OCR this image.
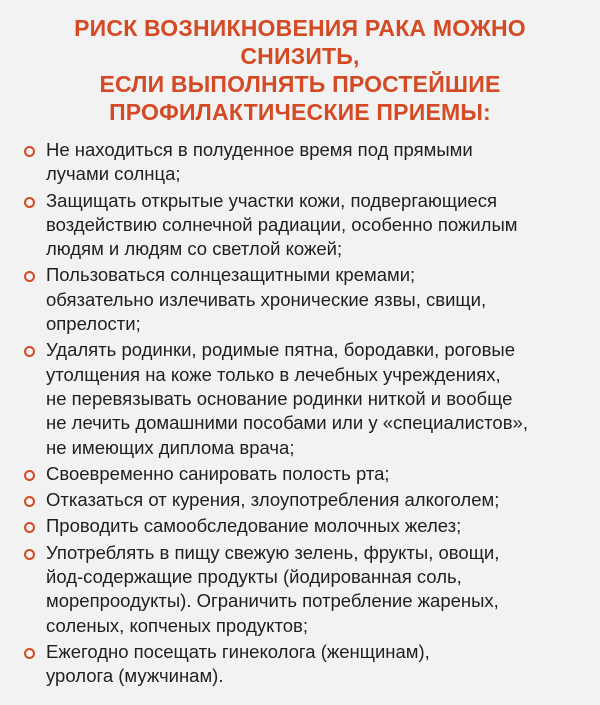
РИСК ВОЗНИКНОВЕНИЯ РАКА МОЖНО СНИЗИТЬ,
ЕСЛИ ВЫПОЛНЯТЬ ПРОСТЕЙШИЕ
ПРОФИЛАКТИЧЕСКИЕ ПРИЕМЫ:
Не находиться в полуденное время под прямыми
лучами солнца;
Защищать открытые участки кожи, подвергающиеся
воздействию солнечной радиации, особенно пожилым
людям и людям со светлой кожей;
Пользоваться солнцезащитными кремами;
обязательно излечивать хронические язвы, свищи,
опрелости;
Удалять родинки, родимые пятна, бородавки, роговые
утолщения на коже только в лечебных учреждениях,
не перевязывать основание родинки ниткой и вообще
не лечить домашними пособами или у «специалистов»,
не имеющих диплома врача;
Своевременно санировать полость рта;
Отказаться от курения, злоупотребления алкоголем;
Проводить самообследование молочных желез;
Употреблять в пищу свежую зелень, фрукты, овощи,
йод-содержащие продукты (йодированная соль,
морепроодукты). Ограничить потребление жареных,
соленых, копченых продуктов;
Ежегодно посещать гинеколога (женщинам),
уролога (мужчинам).
